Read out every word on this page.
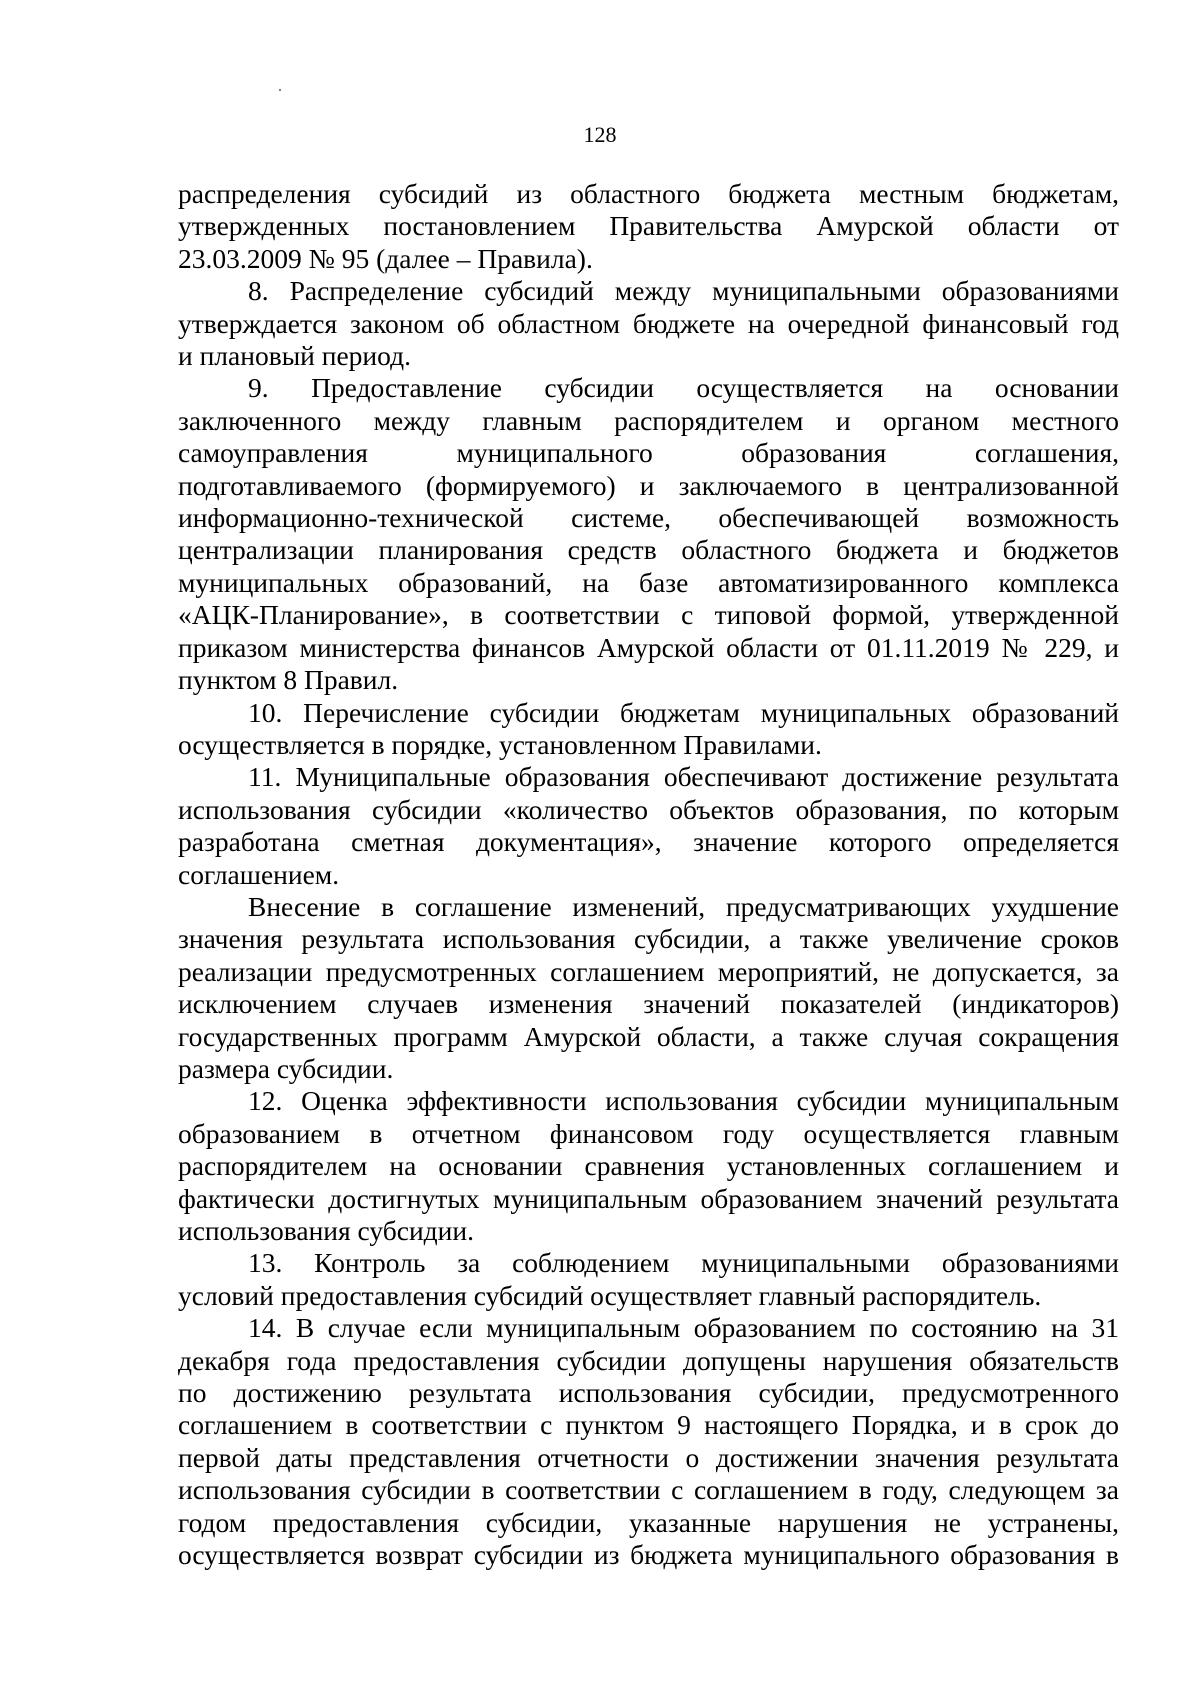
128

распределения субсидий из областного бюджета местным бюджетам,

утвержденных постановлением Правительства Амурской области от

23.03.2009 № 95 (далее – Правила).

8. Распределение субсидий между муниципальными образованиями

утверждается законом об областном бюджете на очередной финансовый год

и плановый период.

9. Предоставление субсидии осуществляется на основании

заключенного между главным распорядителем и органом местного

самоуправления муниципального образования соглашения,

подготавливаемого (формируемого) и заключаемого в централизованной

информационно-технической системе, обеспечивающей возможность

централизации планирования средств областного бюджета и бюджетов

муниципальных образований, на базе автоматизированного комплекса

«АЦК-Планирование», в соответствии с типовой формой, утвержденной

приказом министерства финансов Амурской области от 01.11.2019 № 229, и

пунктом 8 Правил.

10. Перечисление субсидии бюджетам муниципальных образований

осуществляется в порядке, установленном Правилами.

11. Муниципальные образования обеспечивают достижение результата

использования субсидии «количество объектов образования, по которым

разработана сметная документация», значение которого определяется

соглашением.

Внесение в соглашение изменений, предусматривающих ухудшение

значения результата использования субсидии, а также увеличение сроков

реализации предусмотренных соглашением мероприятий, не допускается, за

исключением случаев изменения значений показателей (индикаторов)

государственных программ Амурской области, а также случая сокращения

размера субсидии.

12. Оценка эффективности использования субсидии муниципальным

образованием в отчетном финансовом году осуществляется главным

распорядителем на основании сравнения установленных соглашением и

фактически достигнутых муниципальным образованием значений результата

использования субсидии.

13. Контроль за соблюдением муниципальными образованиями

условий предоставления субсидий осуществляет главный распорядитель.

14. В случае если муниципальным образованием по состоянию на 31

декабря года предоставления субсидии допущены нарушения обязательств

по достижению результата использования субсидии, предусмотренного

соглашением в соответствии с пунктом 9 настоящего Порядка, и в срок до

первой даты представления отчетности о достижении значения результата

использования субсидии в соответствии с соглашением в году, следующем за

годом предоставления субсидии, указанные нарушения не устранены,

осуществляется возврат субсидии из бюджета муниципального образования в
